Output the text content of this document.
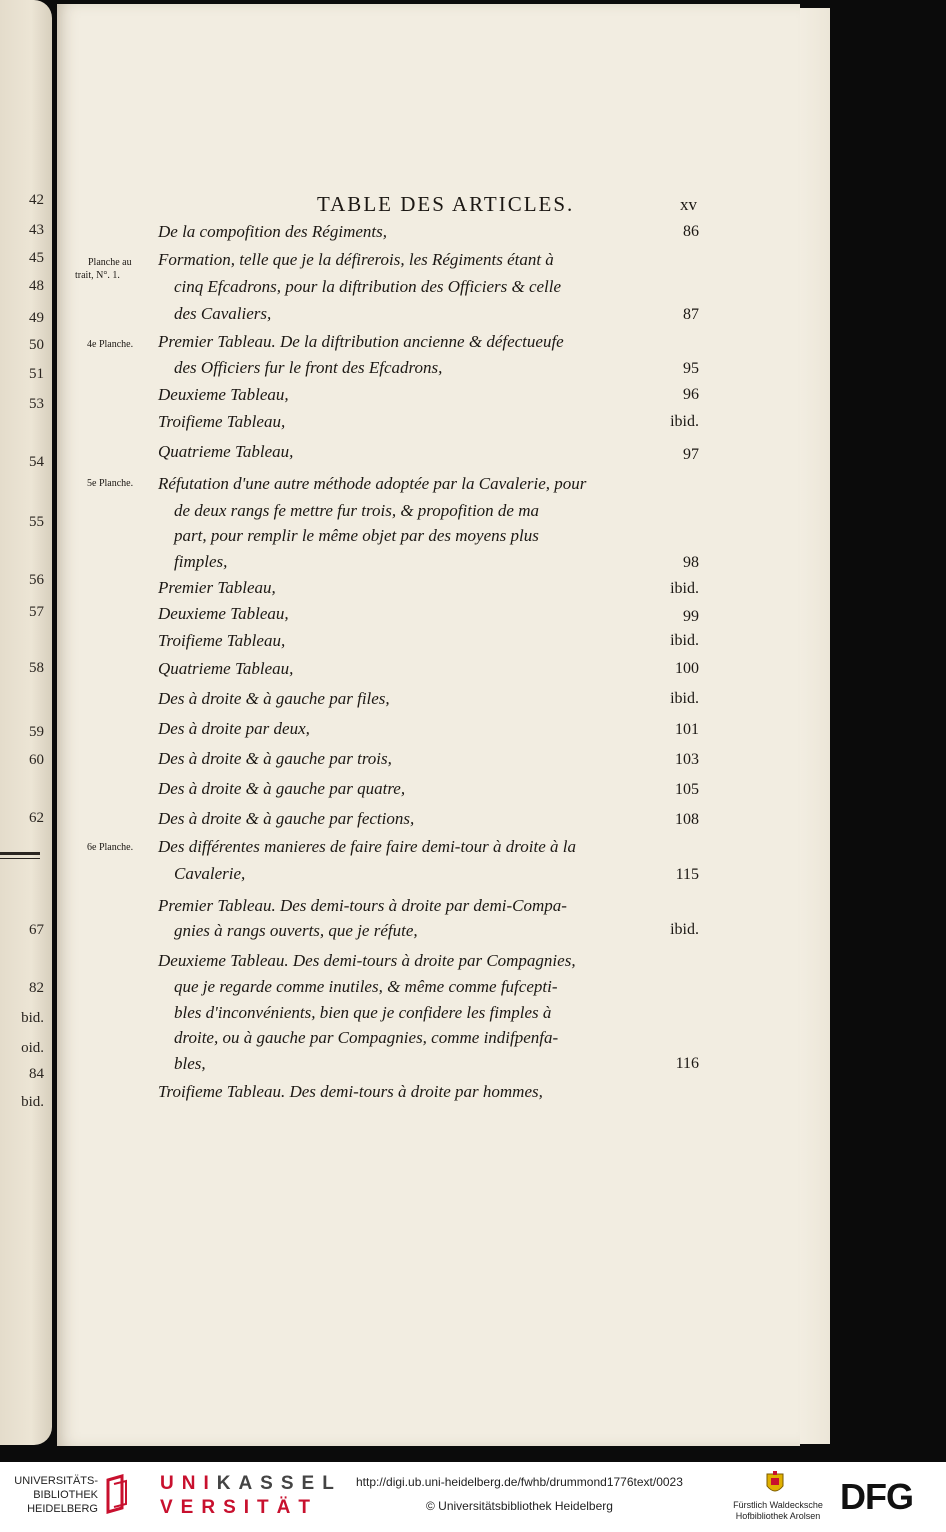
42
43
45
48
49
50
51
53
54
55
56
57
58
59
60
62
67
82
bid.
oid.
84
bid.
TABLE DES ARTICLES.	xv
Planche au
trait, N°. 1.
4e Planche.
5e Planche.
6e Planche.
De la compofition des Régiments,	86
Formation, telle que je la défirerois, les Régiments étant à
cinq Efcadrons, pour la diftribution des Officiers & celle
des Cavaliers,	87
Premier Tableau. De la diftribution ancienne & défectueufe
des Officiers fur le front des Efcadrons,	95
Deuxieme Tableau,	96
Troifieme Tableau,	ibid.
Quatrieme Tableau,	97
Réfutation d'une autre méthode adoptée par la Cavalerie, pour
de deux rangs fe mettre fur trois, & propofition de ma
part, pour remplir le même objet par des moyens plus
fimples,	98
Premier Tableau,	ibid.
Deuxieme Tableau,	99
Troifieme Tableau,	ibid.
Quatrieme Tableau,	100
Des à droite & à gauche par files,	ibid.
Des à droite par deux,	101
Des à droite & à gauche par trois,	103
Des à droite & à gauche par quatre,	105
Des à droite & à gauche par fections,	108
Des différentes manieres de faire faire demi-tour à droite à la
Cavalerie,	115
Premier Tableau. Des demi-tours à droite par demi-Compa-
gnies à rangs ouverts, que je réfute,	ibid.
Deuxieme Tableau. Des demi-tours à droite par Compagnies,
que je regarde comme inutiles, & même comme fufcepti-
bles d'inconvénients, bien que je confidere les fimples à
droite, ou à gauche par Compagnies, comme indifpenfa-
bles,	116
Troifieme Tableau. Des demi-tours à droite par hommes,
UNIVERSITÄTS-
BIBLIOTHEK
HEIDELBERG
UNIKASSEL
VERSITÄT
http://digi.ub.uni-heidelberg.de/fwhb/drummond1776text/0023
© Universitätsbibliothek Heidelberg	Fürstlich Waldecksche
Hofbibliothek Arolsen DFG
